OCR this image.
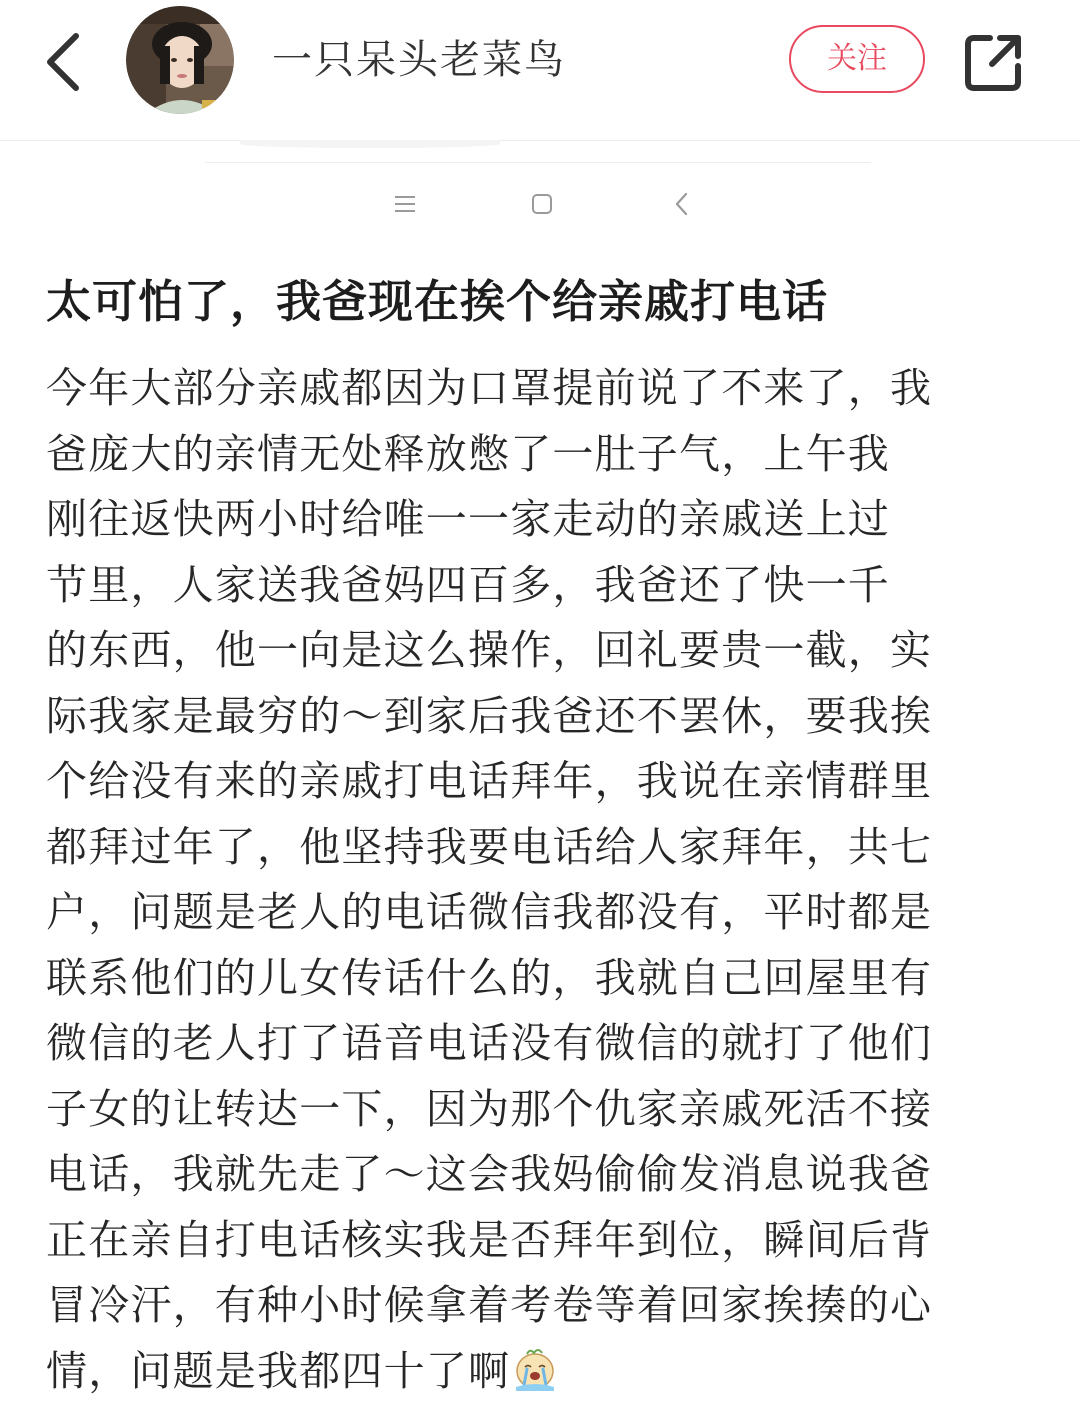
一只呆头老菜鸟	关注
太可怕了，我爸现在挨个给亲戚打电话
今年大部分亲戚都因为口罩提前说了不来了，我
爸庞大的亲情无处释放憋了一肚子气，上午我
刚往返快两小时给唯一一家走动的亲戚送上过
节里，人家送我爸妈四百多，我爸还了快一千
的东西，他一向是这么操作，回礼要贵一截，实
际我家是最穷的～到家后我爸还不罢休，要我挨
个给没有来的亲戚打电话拜年，我说在亲情群里
都拜过年了，他坚持我要电话给人家拜年，共七
户，问题是老人的电话微信我都没有，平时都是
联系他们的儿女传话什么的，我就自己回屋里有
微信的老人打了语音电话没有微信的就打了他们
子女的让转达一下，因为那个仇家亲戚死活不接
电话，我就先走了～这会我妈偷偷发消息说我爸
正在亲自打电话核实我是否拜年到位，瞬间后背
冒冷汗，有种小时候拿着考卷等着回家挨揍的心
情，问题是我都四十了啊
